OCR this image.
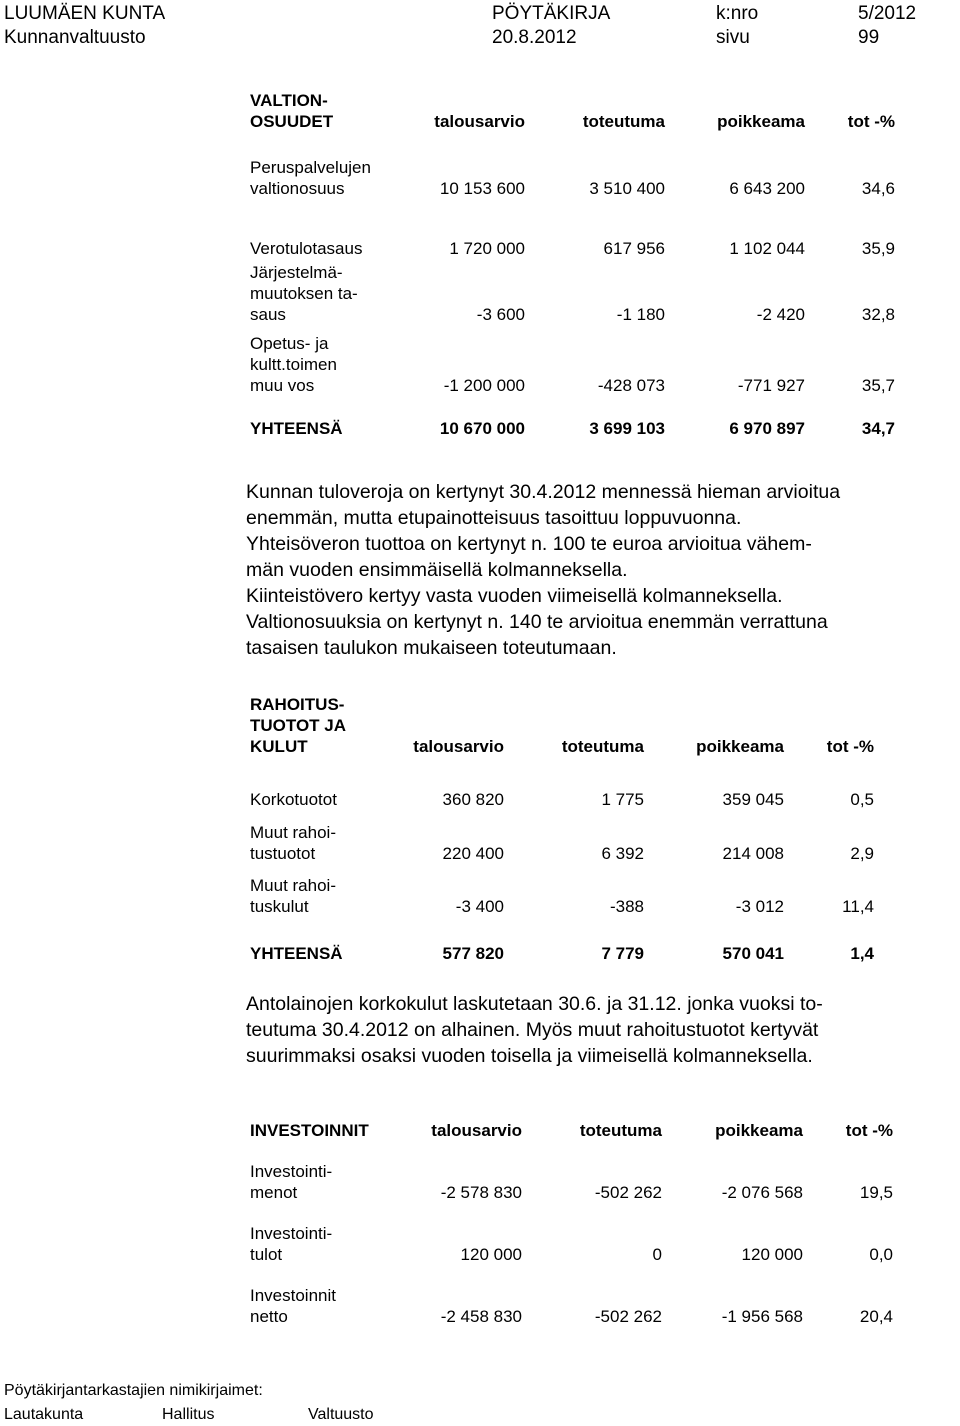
LUUMÄEN KUNTA
Kunnanvaltuusto
PÖYTÄKIRJA
20.8.2012
k:nro
sivu
5/2012
99
VALTION-
OSUUDET	talousarvio	toteutuma	poikkeama	tot -%
Peruspalvelujen
valtionosuus	10 153 600	3 510 400	6 643 200	34,6
Verotulotasaus	1 720 000	617 956	1 102 044	35,9
Järjestelmä-
muutoksen ta-
saus	-3 600	-1 180	-2 420	32,8
Opetus- ja
kultt.toimen
muu vos	-1 200 000	-428 073	-771 927	35,7
YHTEENSÄ	10 670 000	3 699 103	6 970 897	34,7
Kunnan tuloveroja on kertynyt 30.4.2012 mennessä hieman arvioitua
enemmän, mutta etupainotteisuus tasoittuu loppuvuonna.
Yhteisöveron tuottoa on kertynyt n. 100 te euroa arvioitua vähem-
män vuoden ensimmäisellä kolmanneksella.
Kiinteistövero kertyy vasta vuoden viimeisellä kolmanneksella.
Valtionosuuksia on kertynyt n. 140 te arvioitua enemmän verrattuna
tasaisen taulukon mukaiseen toteutumaan.
RAHOITUS-
TUOTOT JA
KULUT	talousarvio	toteutuma	poikkeama	tot -%
Korkotuotot	360 820	1 775	359 045	0,5
Muut rahoi-
tustuotot	220 400	6 392	214 008	2,9
Muut rahoi-
tuskulut	-3 400	-388	-3 012	11,4
YHTEENSÄ	577 820	7 779	570 041	1,4
Antolainojen korkokulut laskutetaan 30.6. ja 31.12. jonka vuoksi to-
teutuma 30.4.2012 on alhainen. Myös muut rahoitustuotot kertyvät
suurimmaksi osaksi vuoden toisella ja viimeisellä kolmanneksella.
INVESTOINNIT	talousarvio	toteutuma	poikkeama	tot -%
Investointi-
menot	-2 578 830	-502 262	-2 076 568	19,5
Investointi-
tulot	120 000	0	120 000	0,0
Investoinnit
netto	-2 458 830	-502 262	-1 956 568	20,4
Pöytäkirjantarkastajien nimikirjaimet:
Lautakunta	Hallitus	Valtuusto
